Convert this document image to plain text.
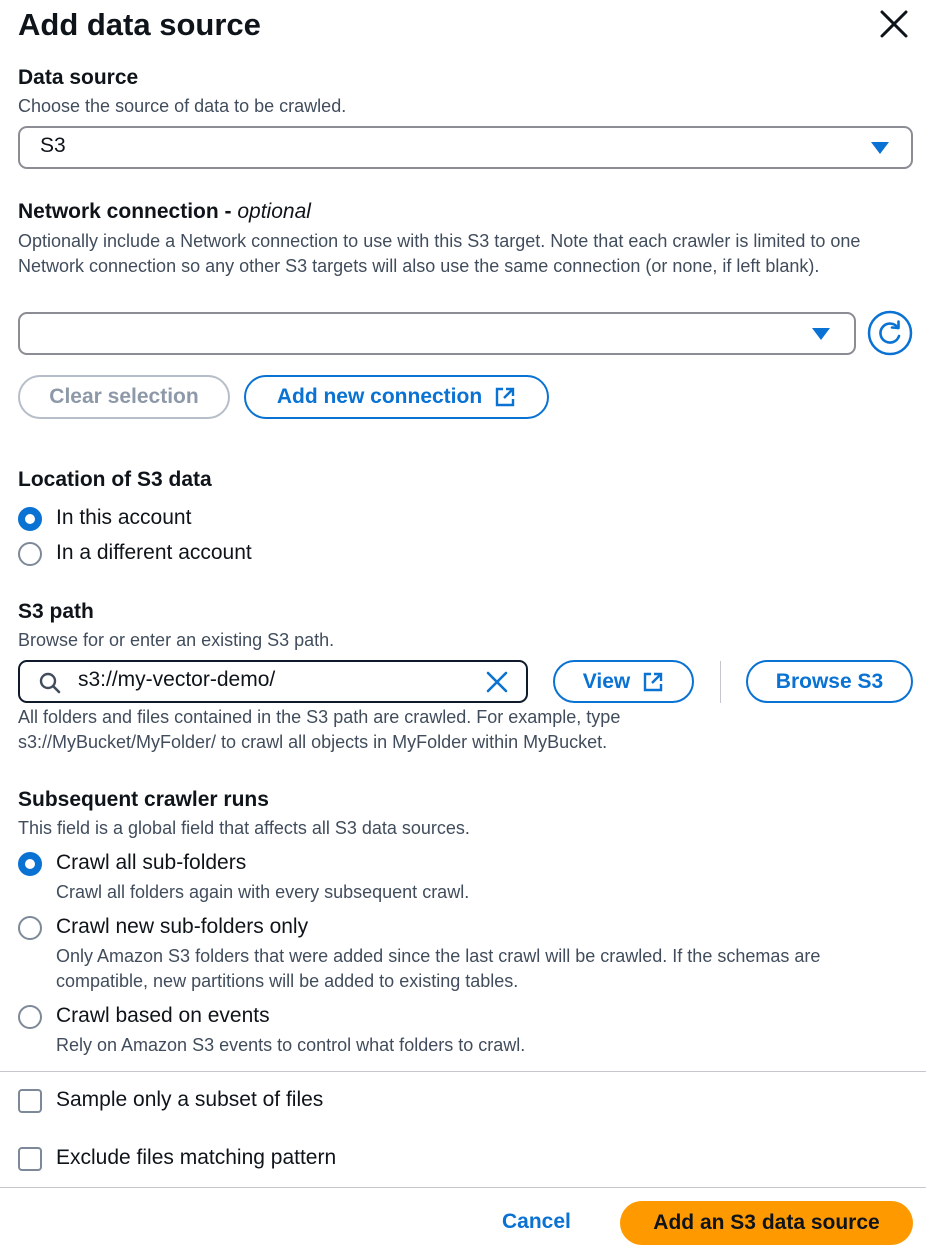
Add data source
Data source
Choose the source of data to be crawled.
S3
Network connection - optional
Optionally include a Network connection to use with this S3 target. Note that each crawler is limited to one Network connection so any other S3 targets will also use the same connection (or none, if left blank).
Clear selection	Add new connection
Location of S3 data
In this account
In a different account
S3 path
Browse for or enter an existing S3 path.
s3://my-vector-demo/	View	Browse S3
All folders and files contained in the S3 path are crawled. For example, type
s3://MyBucket/MyFolder/ to crawl all objects in MyFolder within MyBucket.
Subsequent crawler runs
This field is a global field that affects all S3 data sources.
Crawl all sub-folders
Crawl all folders again with every subsequent crawl.
Crawl new sub-folders only
Only Amazon S3 folders that were added since the last crawl will be crawled. If the schemas are
compatible, new partitions will be added to existing tables.
Crawl based on events
Rely on Amazon S3 events to control what folders to crawl.
Sample only a subset of files
Exclude files matching pattern
Cancel	Add an S3 data source
